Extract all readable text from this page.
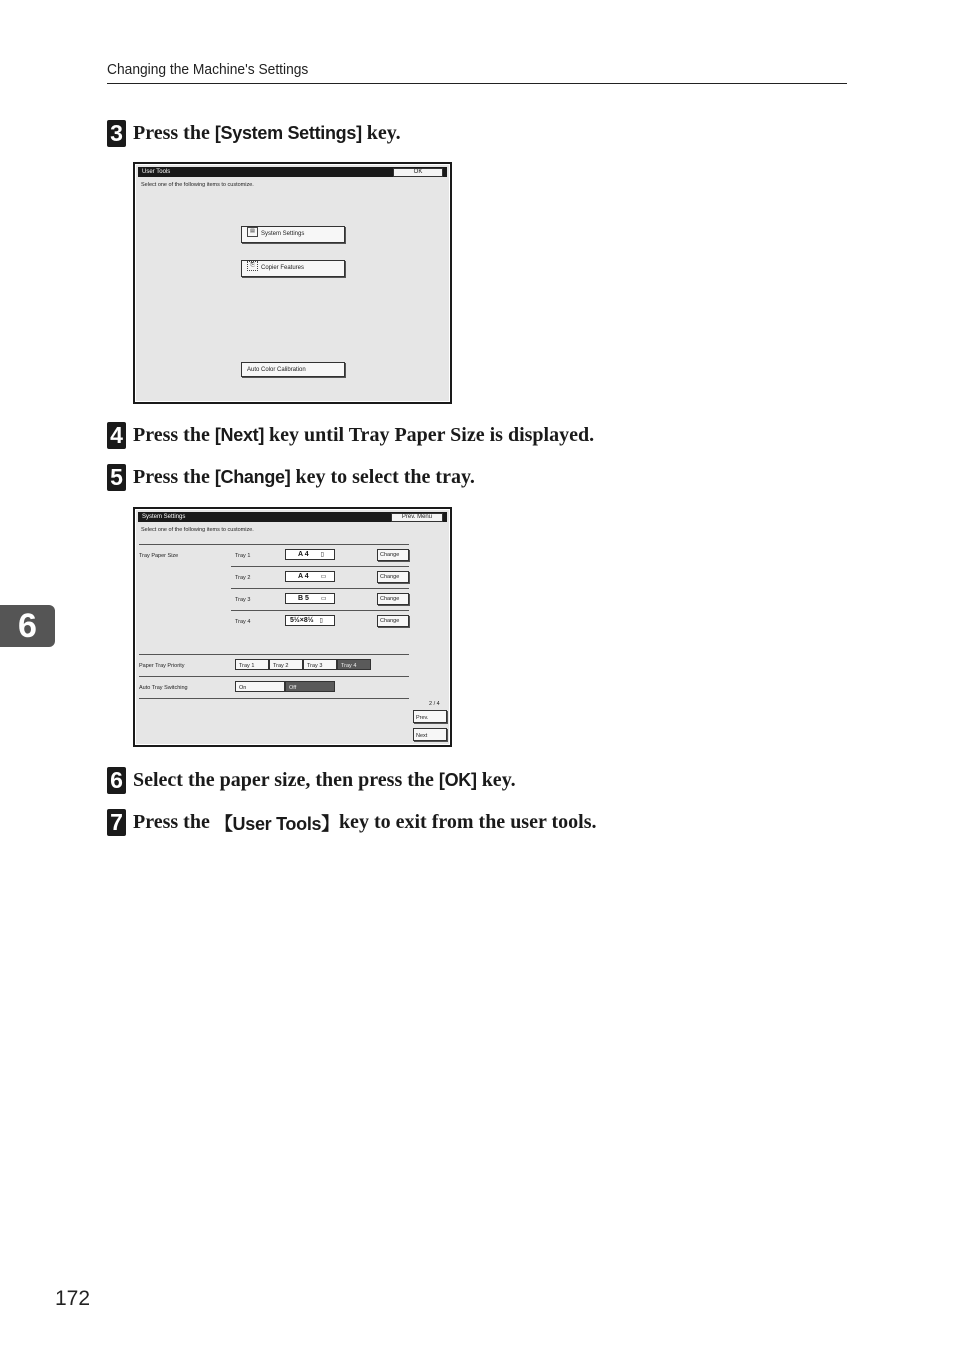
Changing the Machine's Settings
3 Press the [System Settings] key.
User Tools	OK
Select one of the following items to customize.
▤ System Settings
⎘ Copier Features
Auto Color Calibration
4 Press the [Next] key until Tray Paper Size is displayed.
5 Press the [Change] key to select the tray.
System Settings	Prev. Menu
Select one of the following items to customize.
Tray Paper Size	Tray 1	A 4 ▯	Change
Tray 2	A 4 ▭	Change
Tray 3	B 5 ▭	Change
Tray 4	5½×8½ ▯	Change
Paper Tray Priority	Tray 1	Tray 2	Tray 3	Tray 4
Auto Tray Switching	On	Off
2 / 4
Prev.
Next
6
6 Select the paper size, then press the [OK] key.
7 Press the 【User Tools】 key to exit from the user tools.
172
